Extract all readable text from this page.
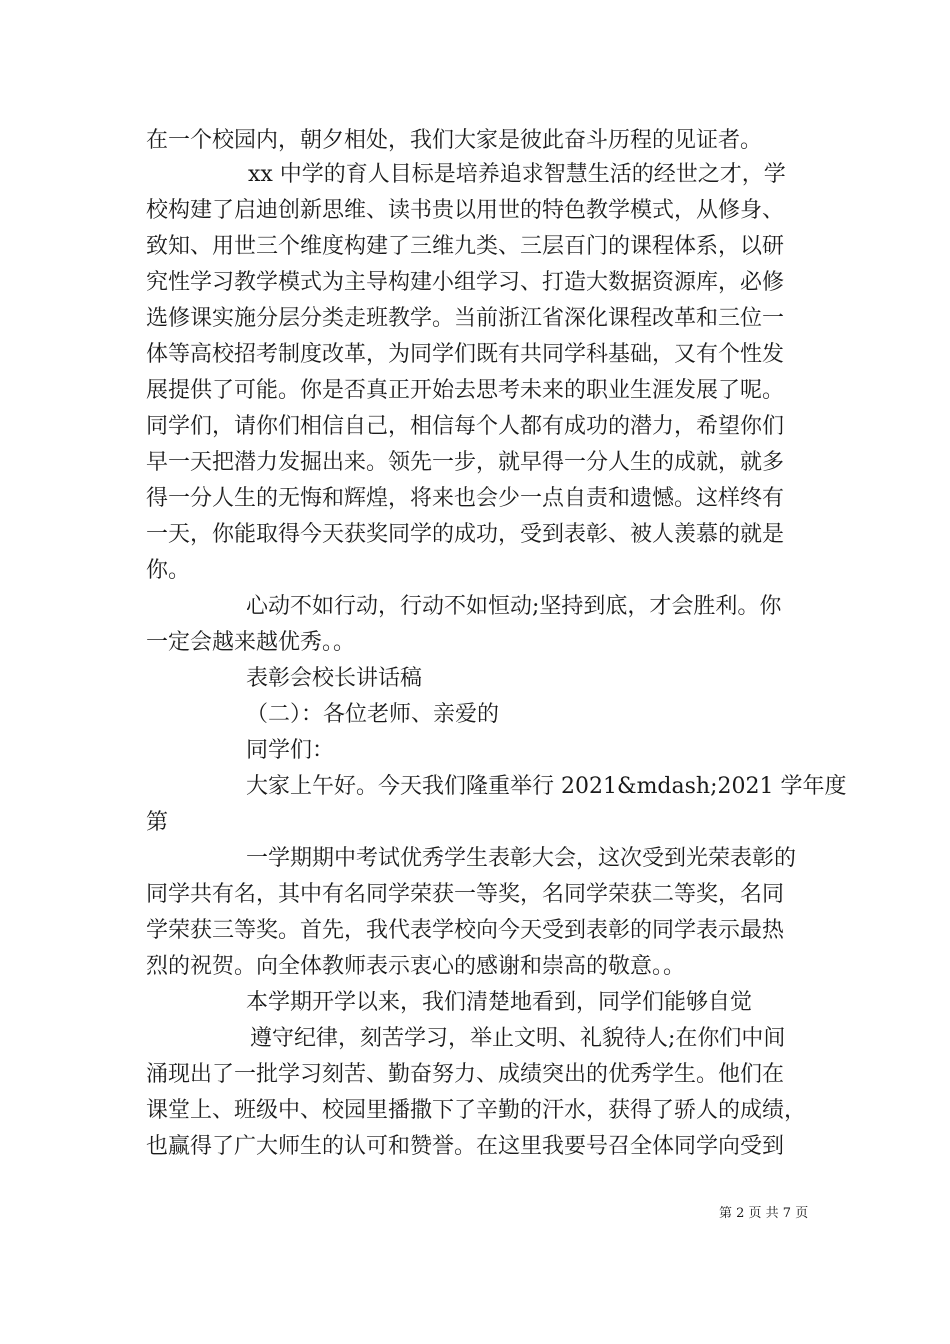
在一个校园内，朝夕相处，我们大家是彼此奋斗历程的见证者。
xx 中学的育人目标是培养追求智慧生活的经世之才，学
校构建了启迪创新思维、读书贵以用世的特色教学模式，从修身、
致知、用世三个维度构建了三维九类、三层百门的课程体系，以研
究性学习教学模式为主导构建小组学习、打造大数据资源库，必修
选修课实施分层分类走班教学。当前浙江省深化课程改革和三位一
体等高校招考制度改革，为同学们既有共同学科基础，又有个性发
展提供了可能。你是否真正开始去思考未来的职业生涯发展了呢。
同学们，请你们相信自己，相信每个人都有成功的潜力，希望你们
早一天把潜力发掘出来。领先一步，就早得一分人生的成就，就多
得一分人生的无悔和辉煌，将来也会少一点自责和遗憾。这样终有
一天，你能取得今天获奖同学的成功，受到表彰、被人羡慕的就是
你。
心动不如行动，行动不如恒动;坚持到底，才会胜利。你
一定会越来越优秀。。
表彰会校长讲话稿
（二）：各位老师、亲爱的
同学们：
大家上午好。今天我们隆重举行 2021&mdash;2021 学年度
第
一学期期中考试优秀学生表彰大会，这次受到光荣表彰的
同学共有名，其中有名同学荣获一等奖，名同学荣获二等奖，名同
学荣获三等奖。首先，我代表学校向今天受到表彰的同学表示最热
烈的祝贺。向全体教师表示衷心的感谢和崇高的敬意。。
本学期开学以来，我们清楚地看到，同学们能够自觉
遵守纪律，刻苦学习，举止文明、礼貌待人;在你们中间
涌现出了一批学习刻苦、勤奋努力、成绩突出的优秀学生。他们在
课堂上、班级中、校园里播撒下了辛勤的汗水，获得了骄人的成绩，
也赢得了广大师生的认可和赞誉。在这里我要号召全体同学向受到
第 2 页 共 7 页
